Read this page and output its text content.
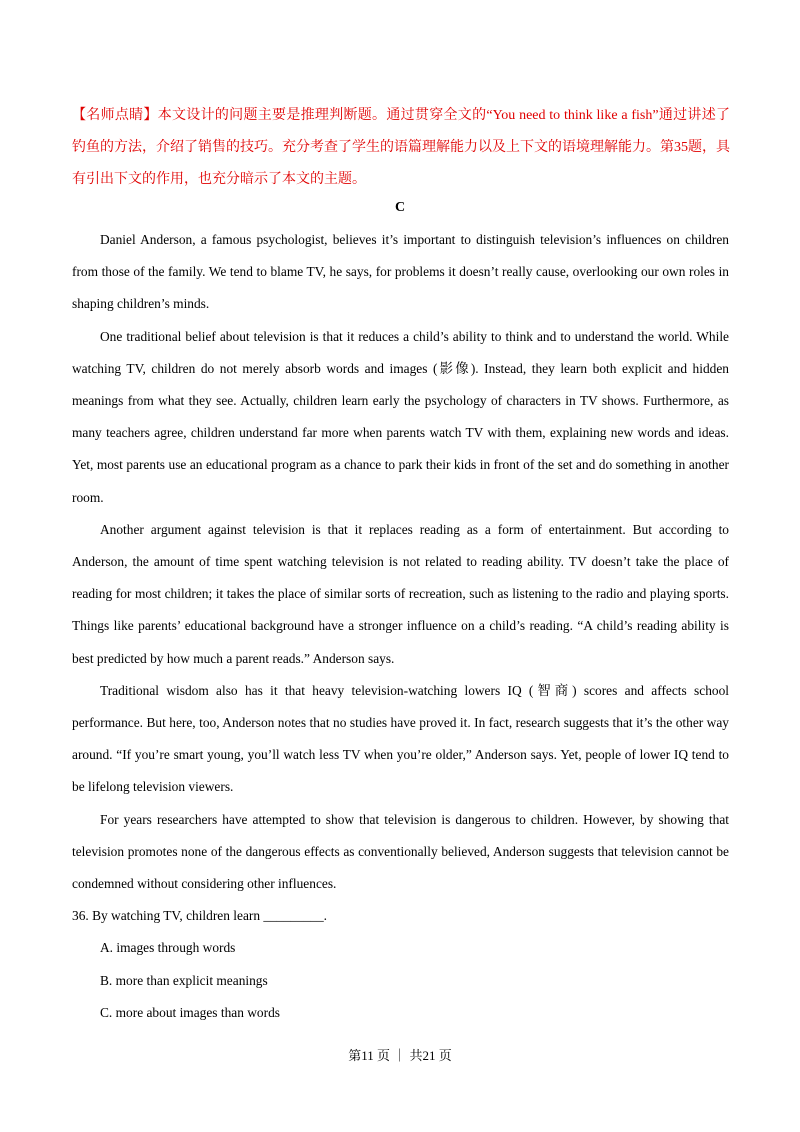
【名师点睛】本文设计的问题主要是推理判断题。通过贯穿全文的“You need to think like a fish”通过讲述了钓鱼的方法，介绍了销售的技巧。充分考查了学生的语篇理解能力以及上下文的语境理解能力。第35题，具有引出下文的作用，也充分暗示了本文的主题。
C

Daniel Anderson, a famous psychologist, believes it’s important to distinguish television’s influences on children from those of the family. We tend to blame TV, he says, for problems it doesn’t really cause, overlooking our own roles in shaping children’s minds.

One traditional belief about television is that it reduces a child’s ability to think and to understand the world. While watching TV, children do not merely absorb words and images (影像). Instead, they learn both explicit and hidden meanings from what they see. Actually, children learn early the psychology of characters in TV shows. Furthermore, as many teachers agree, children understand far more when parents watch TV with them, explaining new words and ideas. Yet, most parents use an educational program as a chance to park their kids in front of the set and do something in another room.

Another argument against television is that it replaces reading as a form of entertainment. But according to Anderson, the amount of time spent watching television is not related to reading ability. TV doesn’t take the place of reading for most children; it takes the place of similar sorts of recreation, such as listening to the radio and playing sports. Things like parents’ educational background have a stronger influence on a child’s reading. “A child’s reading ability is best predicted by how much a parent reads.” Anderson says.

Traditional wisdom also has it that heavy television-watching lowers IQ (智商) scores and affects school performance. But here, too, Anderson notes that no studies have proved it. In fact, research suggests that it’s the other way around. “If you’re smart young, you’ll watch less TV when you’re older,” Anderson says. Yet, people of lower IQ tend to be lifelong television viewers.

For years researchers have attempted to show that television is dangerous to children. However, by showing that television promotes none of the dangerous effects as conventionally believed, Anderson suggests that television cannot be condemned without considering other influences.

36. By watching TV, children learn _________.

A. images through words

B. more than explicit meanings

C. more about images than words

第11 页 ｜ 共21 页
